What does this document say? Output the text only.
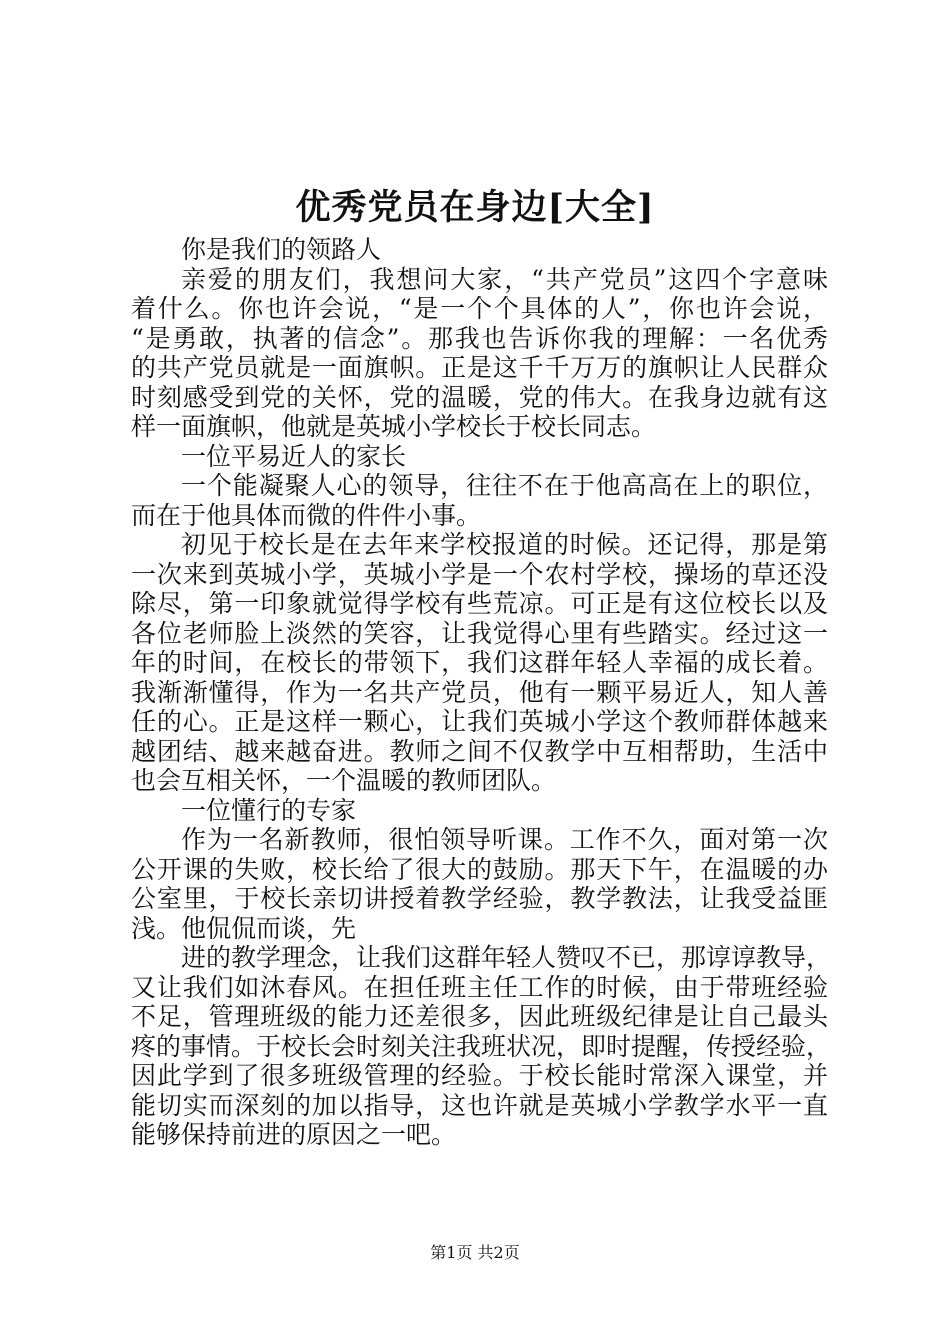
优秀党员在身边[大全]
你是我们的领路人
亲爱的朋友们，我想问大家，“共产党员”这四个字意味
着什么。你也许会说，“是一个个具体的人”，你也许会说，
“是勇敢，执著的信念”。那我也告诉你我的理解：一名优秀
的共产党员就是一面旗帜。正是这千千万万的旗帜让人民群众
时刻感受到党的关怀，党的温暖，党的伟大。在我身边就有这
样一面旗帜，他就是英城小学校长于校长同志。
一位平易近人的家长
一个能凝聚人心的领导，往往不在于他高高在上的职位，
而在于他具体而微的件件小事。
初见于校长是在去年来学校报道的时候。还记得，那是第
一次来到英城小学，英城小学是一个农村学校，操场的草还没
除尽，第一印象就觉得学校有些荒凉。可正是有这位校长以及
各位老师脸上淡然的笑容，让我觉得心里有些踏实。经过这一
年的时间，在校长的带领下，我们这群年轻人幸福的成长着。
我渐渐懂得，作为一名共产党员，他有一颗平易近人，知人善
任的心。正是这样一颗心，让我们英城小学这个教师群体越来
越团结、越来越奋进。教师之间不仅教学中互相帮助，生活中
也会互相关怀，一个温暖的教师团队。
一位懂行的专家
作为一名新教师，很怕领导听课。工作不久，面对第一次
公开课的失败，校长给了很大的鼓励。那天下午，在温暖的办
公室里，于校长亲切讲授着教学经验，教学教法，让我受益匪
浅。他侃侃而谈，先
进的教学理念，让我们这群年轻人赞叹不已，那谆谆教导，
又让我们如沐春风。在担任班主任工作的时候，由于带班经验
不足，管理班级的能力还差很多，因此班级纪律是让自己最头
疼的事情。于校长会时刻关注我班状况，即时提醒，传授经验，
因此学到了很多班级管理的经验。于校长能时常深入课堂，并
能切实而深刻的加以指导，这也许就是英城小学教学水平一直
能够保持前进的原因之一吧。
第1页 共2页
